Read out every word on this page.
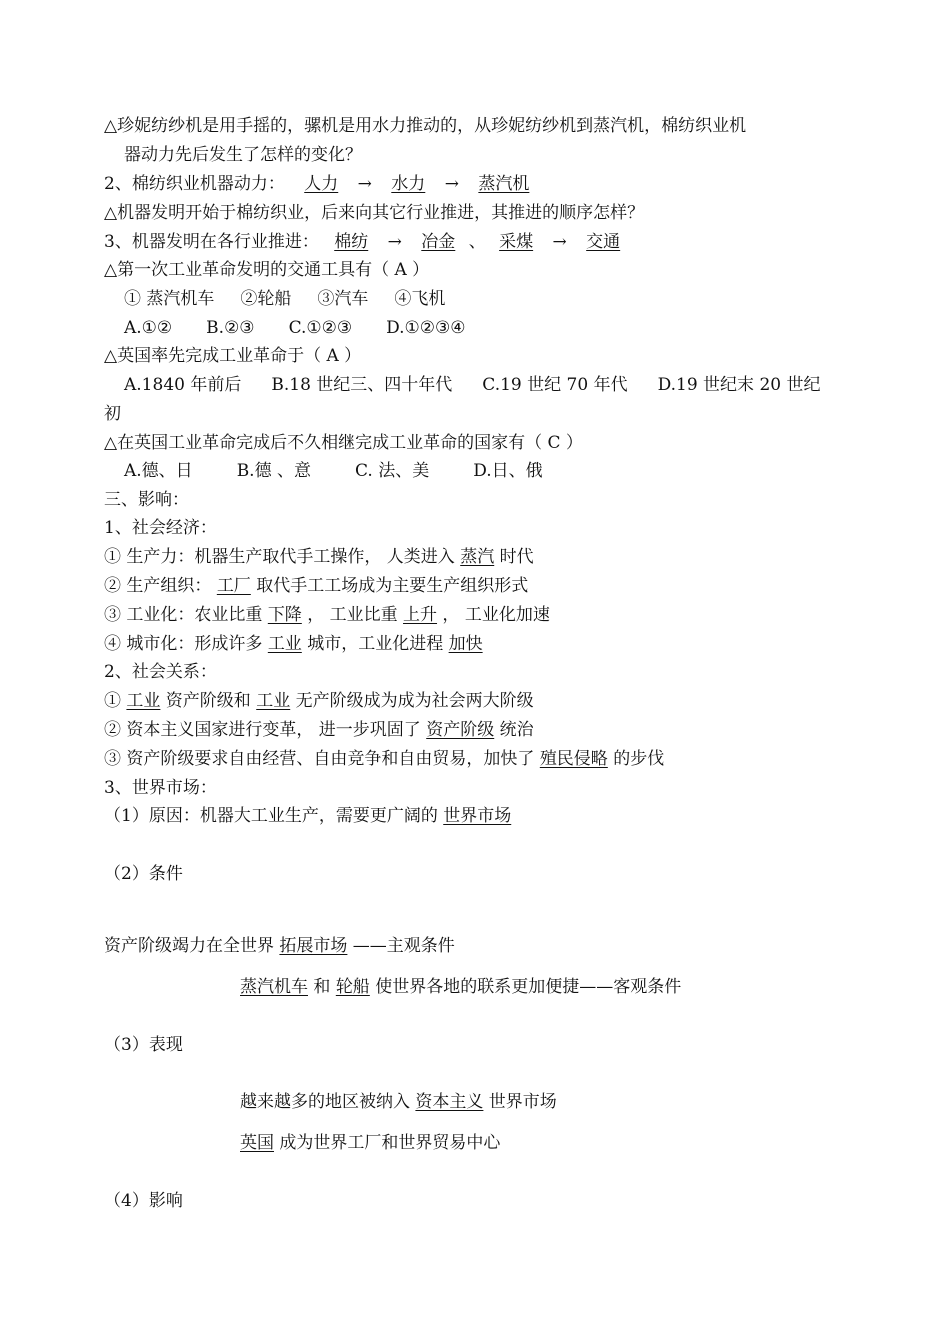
△珍妮纺纱机是用手摇的，骡机是用水力推动的，从珍妮纺纱机到蒸汽机，棉纺织业机
器动力先后发生了怎样的变化？
2、棉纺织业机器动力： 人力 → 水力 → 蒸汽机
△机器发明开始于棉纺织业，后来向其它行业推进，其推进的顺序怎样？
3、机器发明在各行业推进： 棉纺 → 冶金 、 采煤 → 交通
△第一次工业革命发明的交通工具有（ A ）
① 蒸汽机车 ②轮船 ③汽车 ④飞机
A.①② B.②③ C.①②③ D.①②③④
△英国率先完成工业革命于（ A ）
A.1840 年前后 B.18 世纪三、四十年代 C.19 世纪 70 年代 D.19 世纪末 20 世纪
初
△在英国工业革命完成后不久相继完成工业革命的国家有（ C ）
A.德、日	B.德 、意	C. 法、美	D.日、俄
三、影响：
1、社会经济：
① 生产力：机器生产取代手工操作， 人类进入 蒸汽 时代
② 生产组织： 工厂 取代手工工场成为主要生产组织形式
③ 工业化：农业比重 下降 ， 工业比重 上升 ， 工业化加速
④ 城市化：形成许多 工业 城市，工业化进程 加快
2、社会关系：
① 工业 资产阶级和 工业 无产阶级成为成为社会两大阶级
② 资本主义国家进行变革， 进一步巩固了 资产阶级 统治
③ 资产阶级要求自由经营、自由竞争和自由贸易，加快了 殖民侵略 的步伐
3、世界市场：
（1）原因：机器大工业生产，需要更广阔的 世界市场
（2）条件
资产阶级竭力在全世界 拓展市场 ——主观条件
蒸汽机车 和 轮船 使世界各地的联系更加便捷——客观条件
（3）表现
越来越多的地区被纳入 资本主义 世界市场
英国 成为世界工厂和世界贸易中心
（4）影响
